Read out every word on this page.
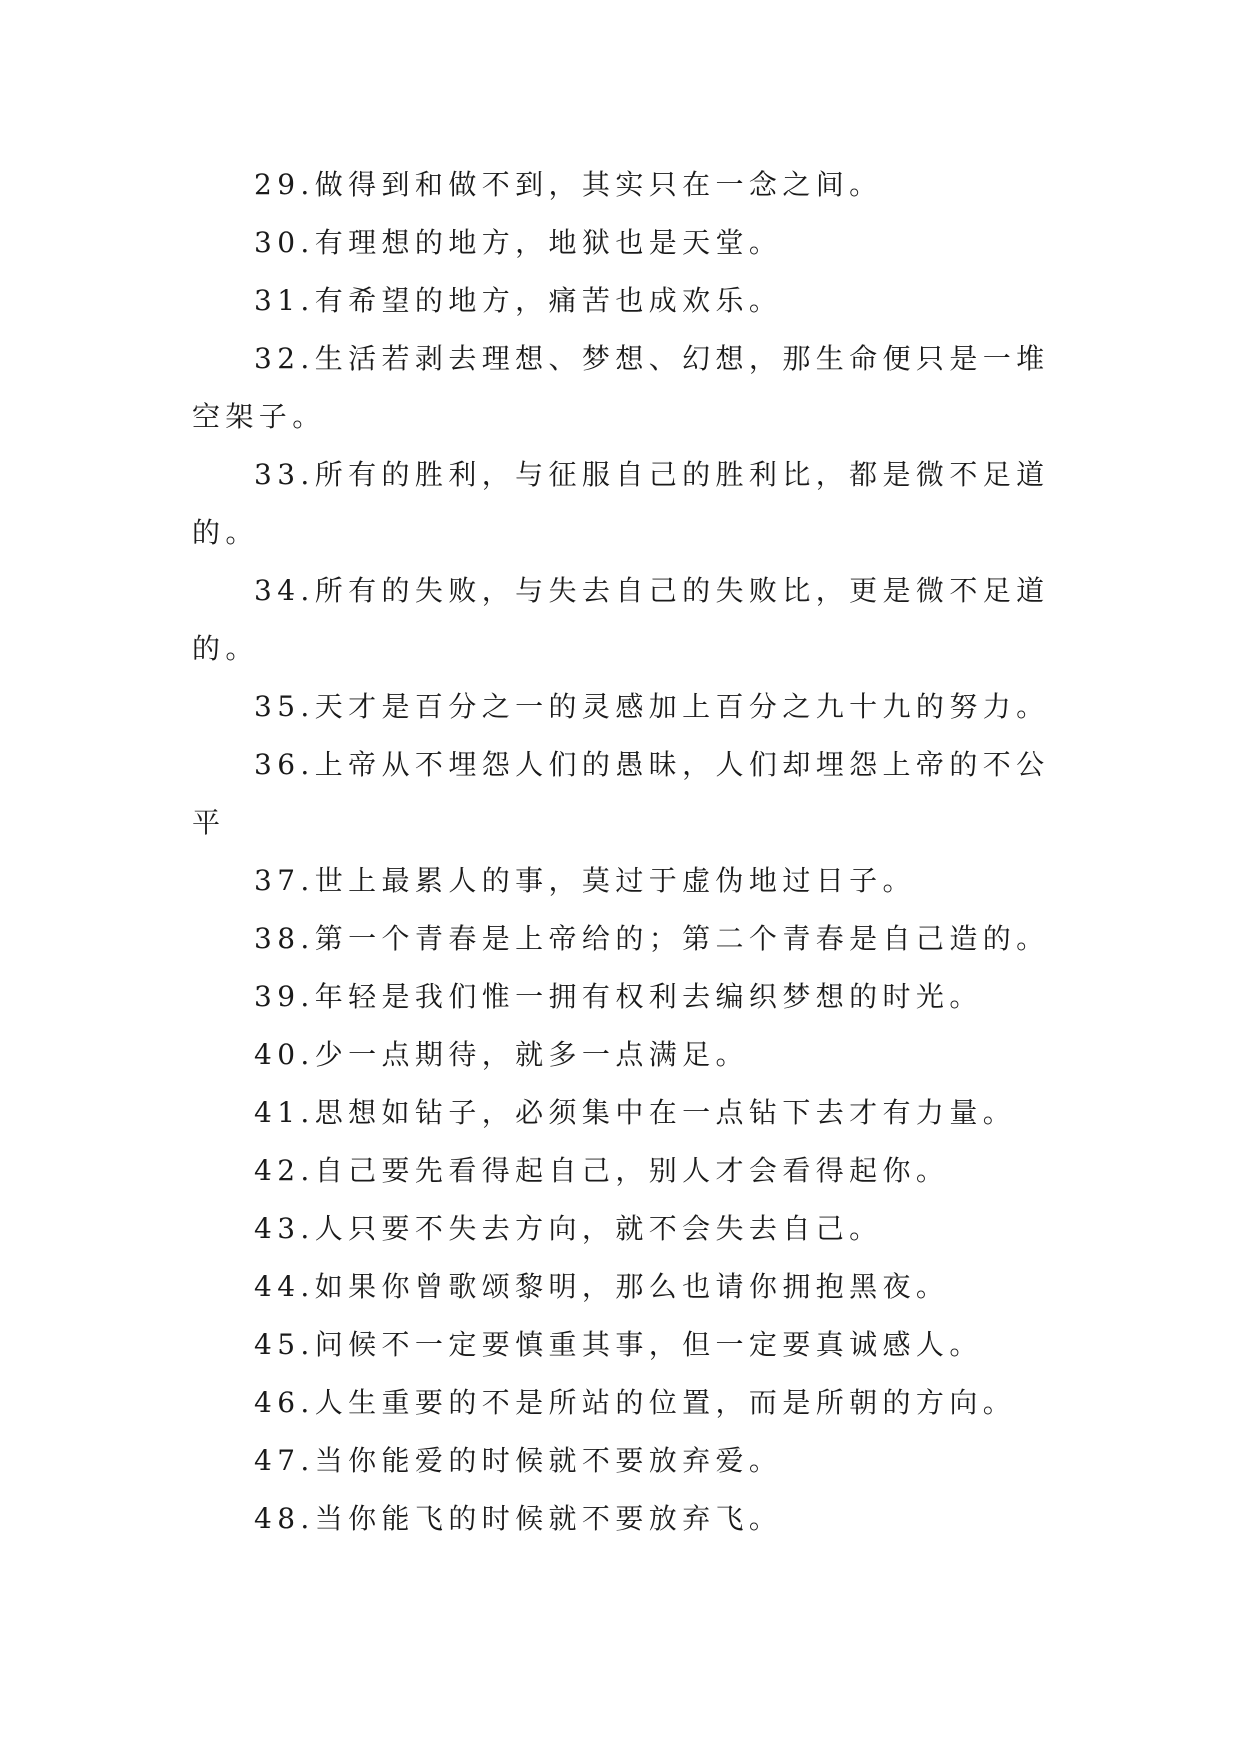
29.做得到和做不到，其实只在一念之间。

30.有理想的地方，地狱也是天堂。

31.有希望的地方，痛苦也成欢乐。

32.生活若剥去理想、梦想、幻想，那生命便只是一堆空架子。

33.所有的胜利，与征服自己的胜利比，都是微不足道的。

34.所有的失败，与失去自己的失败比，更是微不足道的。

35.天才是百分之一的灵感加上百分之九十九的努力。

36.上帝从不埋怨人们的愚昧，人们却埋怨上帝的不公平

37.世上最累人的事，莫过于虚伪地过日子。

38.第一个青春是上帝给的；第二个青春是自己造的。

39.年轻是我们惟一拥有权利去编织梦想的时光。

40.少一点期待，就多一点满足。

41.思想如钻子，必须集中在一点钻下去才有力量。

42.自己要先看得起自己，别人才会看得起你。

43.人只要不失去方向，就不会失去自己。

44.如果你曾歌颂黎明，那么也请你拥抱黑夜。

45.问候不一定要慎重其事，但一定要真诚感人。

46.人生重要的不是所站的位置，而是所朝的方向。

47.当你能爱的时候就不要放弃爱。

48.当你能飞的时候就不要放弃飞。
